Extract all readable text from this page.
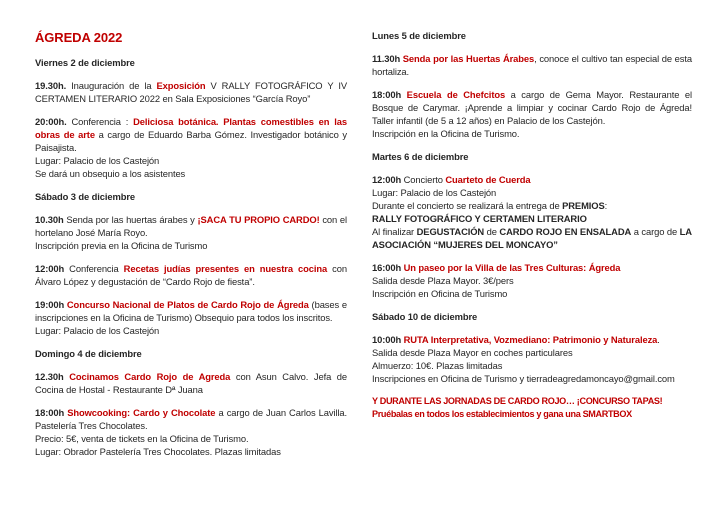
ÁGREDA 2022
Viernes 2 de diciembre
19.30h. Inauguración de la Exposición V RALLY FOTOGRÁFICO Y IV CERTAMEN LITERARIO 2022 en Sala Exposiciones “García Royo”
20:00h. Conferencia : Deliciosa botánica. Plantas comestibles en las obras de arte a cargo de Eduardo Barba Gómez. Investigador botánico y Paisajista.
Lugar: Palacio de los Castejón
Se dará un obsequio a los asistentes
Sábado 3 de diciembre
10.30h Senda por las huertas árabes y ¡SACA TU PROPIO CARDO! con el hortelano José María Royo.
Inscripción previa en la Oficina de Turismo
12:00h Conferencia Recetas judías presentes en nuestra cocina con Álvaro López y degustación de “Cardo Rojo de fiesta”.
19:00h Concurso Nacional de Platos de Cardo Rojo de Ágreda (bases e inscripciones en la Oficina de Turismo) Obsequio para todos los inscritos.
Lugar: Palacio de los Castejón
Domingo 4 de diciembre
12.30h Cocinamos Cardo Rojo de Agreda con Asun Calvo. Jefa de Cocina de Hostal - Restaurante Dª Juana
18:00h Showcooking: Cardo y Chocolate a cargo de Juan Carlos Lavilla. Pastelería Tres Chocolates.
Precio: 5€, venta de tickets en la Oficina de Turismo.
Lugar: Obrador Pastelería Tres Chocolates. Plazas limitadas
Lunes 5 de diciembre
11.30h Senda por las Huertas Árabes, conoce el cultivo tan especial de esta hortaliza.
18:00h Escuela de Chefcitos a cargo de Gema Mayor. Restaurante el Bosque de Carymar. ¡Aprende a limpiar y cocinar Cardo Rojo de Ágreda! Taller infantil (de 5 a 12 años) en Palacio de los Castejón.
Inscripción en la Oficina de Turismo.
Martes 6 de diciembre
12:00h Concierto Cuarteto de Cuerda
Lugar: Palacio de los Castejón
Durante el concierto se realizará la entrega de PREMIOS:
RALLY FOTOGRÁFICO Y CERTAMEN LITERARIO
Al finalizar DEGUSTACIÓN de CARDO ROJO EN ENSALADA a cargo de LA ASOCIACIÓN “MUJERES DEL MONCAYO”
16:00h Un paseo por la Villa de las Tres Culturas: Ágreda
Salida desde Plaza Mayor. 3€/pers
Inscripción en Oficina de Turismo
Sábado 10 de diciembre
10:00h RUTA Interpretativa, Vozmediano: Patrimonio y Naturaleza.
Salida desde Plaza Mayor en coches particulares
Almuerzo: 10€. Plazas limitadas
Inscripciones en Oficina de Turismo y tierradeagredamoncayo@gmail.com
Y DURANTE LAS JORNADAS DE CARDO ROJO… ¡CONCURSO TAPAS!
Pruébalas en todos los establecimientos y gana una SMARTBOX
